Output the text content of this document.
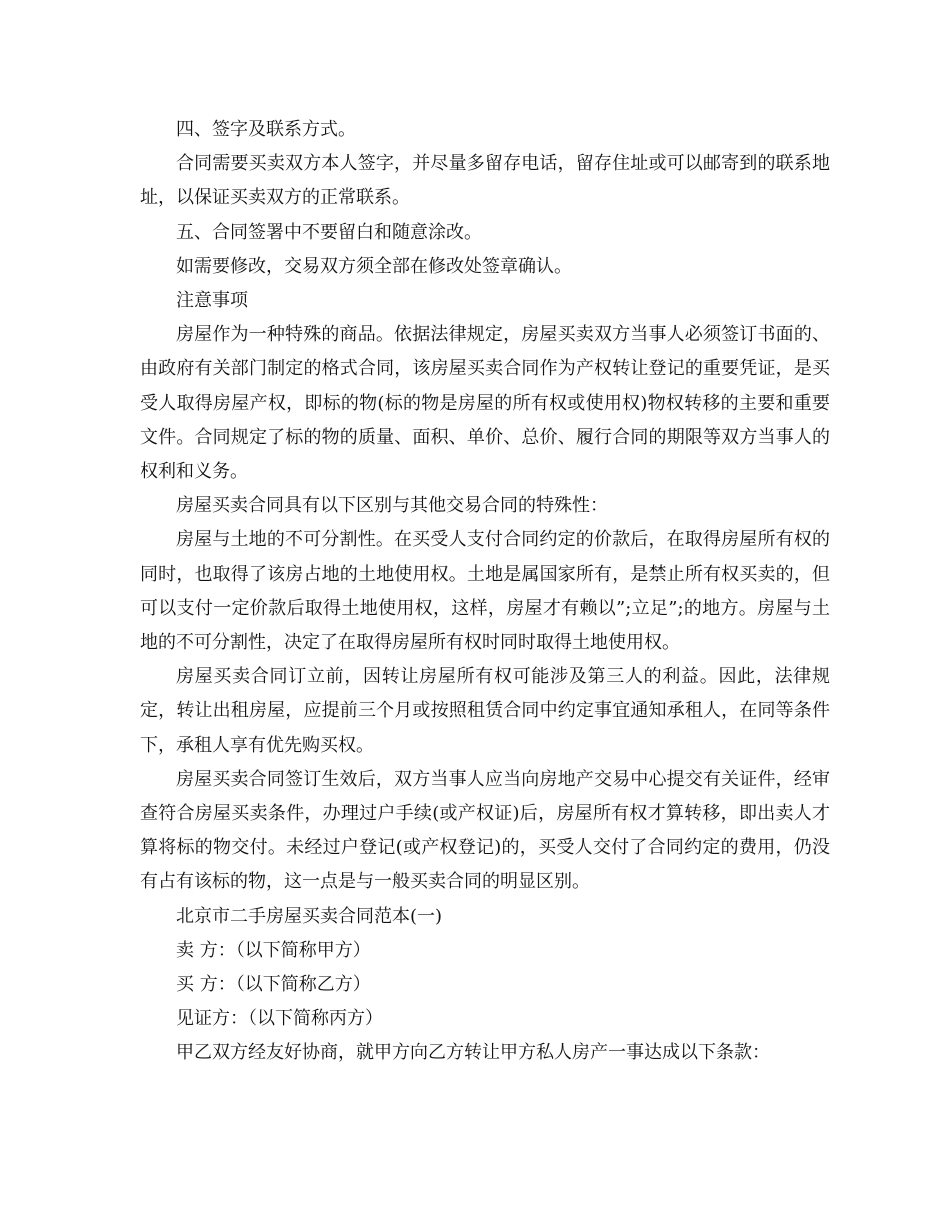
四、签字及联系方式。

合同需要买卖双方本人签字，并尽量多留存电话，留存住址或可以邮寄到的联系地址，以保证买卖双方的正常联系。

五、合同签署中不要留白和随意涂改。

如需要修改，交易双方须全部在修改处签章确认。

注意事项

房屋作为一种特殊的商品。依据法律规定，房屋买卖双方当事人必须签订书面的、由政府有关部门制定的格式合同，该房屋买卖合同作为产权转让登记的重要凭证，是买受人取得房屋产权，即标的物(标的物是房屋的所有权或使用权)物权转移的主要和重要文件。合同规定了标的物的质量、面积、单价、总价、履行合同的期限等双方当事人的权利和义务。

房屋买卖合同具有以下区别与其他交易合同的特殊性：

房屋与土地的不可分割性。在买受人支付合同约定的价款后，在取得房屋所有权的同时，也取得了该房占地的土地使用权。土地是属国家所有，是禁止所有权买卖的，但可以支付一定价款后取得土地使用权，这样，房屋才有赖以”;立足”;的地方。房屋与土地的不可分割性，决定了在取得房屋所有权时同时取得土地使用权。

房屋买卖合同订立前，因转让房屋所有权可能涉及第三人的利益。因此，法律规定，转让出租房屋，应提前三个月或按照租赁合同中约定事宜通知承租人，在同等条件下，承租人享有优先购买权。

房屋买卖合同签订生效后，双方当事人应当向房地产交易中心提交有关证件，经审查符合房屋买卖条件，办理过户手续(或产权证)后，房屋所有权才算转移，即出卖人才算将标的物交付。未经过户登记(或产权登记)的，买受人交付了合同约定的费用，仍没有占有该标的物，这一点是与一般买卖合同的明显区别。

北京市二手房屋买卖合同范本(一)

卖 方：（以下简称甲方）

买 方：（以下简称乙方）

见证方：（以下简称丙方）

甲乙双方经友好协商，就甲方向乙方转让甲方私人房产一事达成以下条款：
